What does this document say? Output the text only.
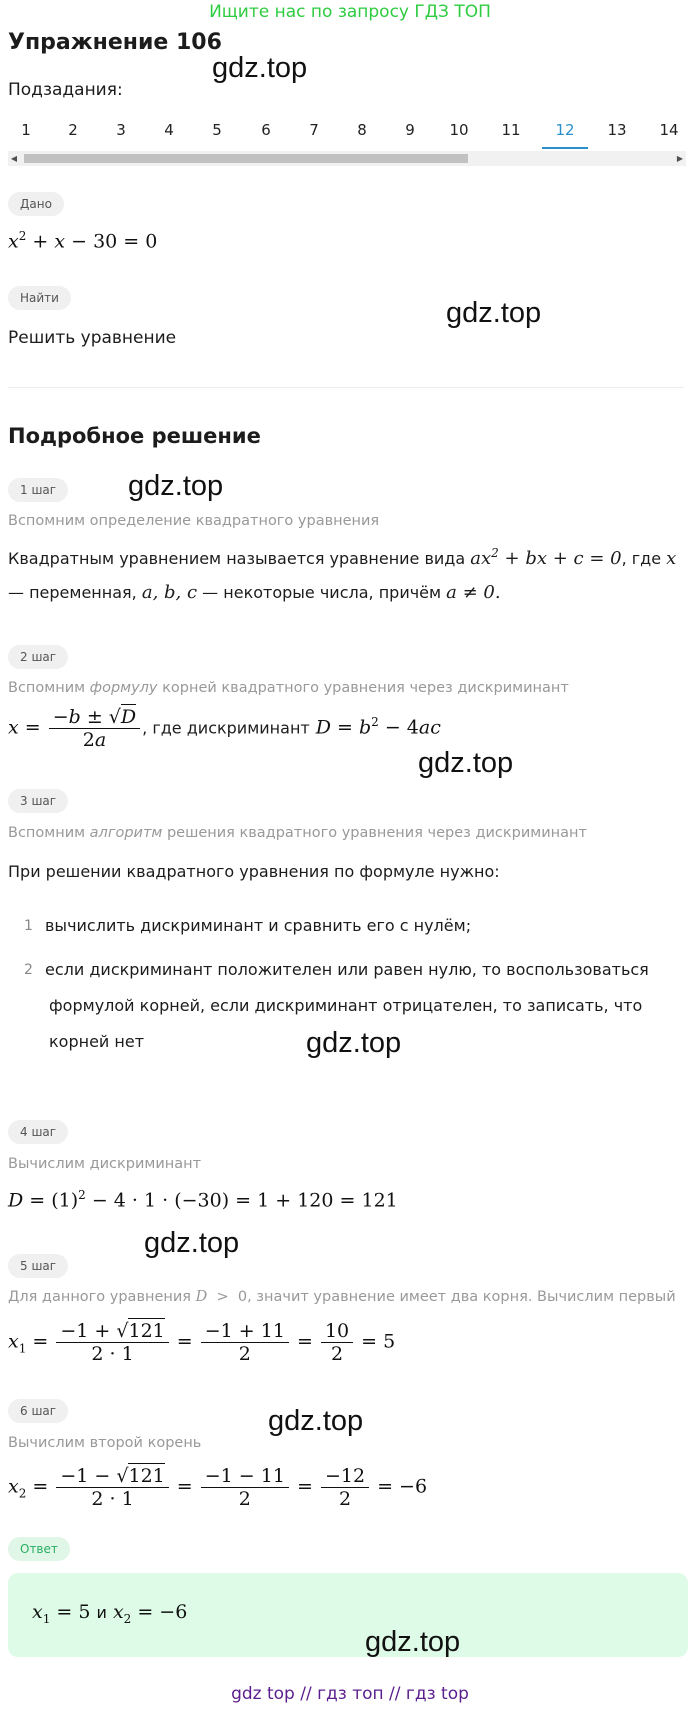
Ищите нас по запросу ГДЗ ТОП
Упражнение 106
Подзадания:
gdz.top
1	2	3	4	5	6	7	8	9	10	11	12	13	14
◀	▶
Дано
$x^2 + x - 30 = 0$
Найти
Решить уравнение
gdz.top
Подробное решение
1 шаг	gdz.top
Вспомним определение квадратного уравнения
Квадратным уравнением называется уравнение вида $ax^2$ + bx + c = 0, где x
— переменная, a, b, c — некоторые числа, причём a ≠ 0.
2 шаг
Вспомним формулу корней квадратного уравнения через дискриминант
$x = \frac{-b \pm √D}{2a}$ , где дискриминант $D = b^2 - 4ac$
gdz.top
3 шаг
Вспомним алгоритм решения квадратного уравнения через дискриминант
При решении квадратного уравнения по формуле нужно:
1 вычислить дискриминант и сравнить его с нулём;
2 если дискриминант положителен или равен нулю, то воспользоваться
формулой корней, если дискриминант отрицателен, то записать, что
корней нет	gdz.top
4 шаг
Вычислим дискриминант
$D = (1)^2 - 4 \cdot 1 \cdot (-30) = 1 + 120 = 121$
gdz.top
5 шаг
Для данного уравнения D  >  0, значит уравнение имеет два корня. Вычислим первый
$x_1 = \frac{-1 + √121}{2 \cdot 1} = \frac{-1 + 11}{2} = \frac{10}{2} = 5$
6 шаг	gdz.top
Вычислим второй корень
$x_2 = \frac{-1 - √121}{2 \cdot 1} = \frac{-1 - 11}{2} = \frac{-12}{2} = -6$
Ответ
$x_1 = 5$ и $x_2 = -6$
gdz.top
gdz top // гдз топ // гдз top
